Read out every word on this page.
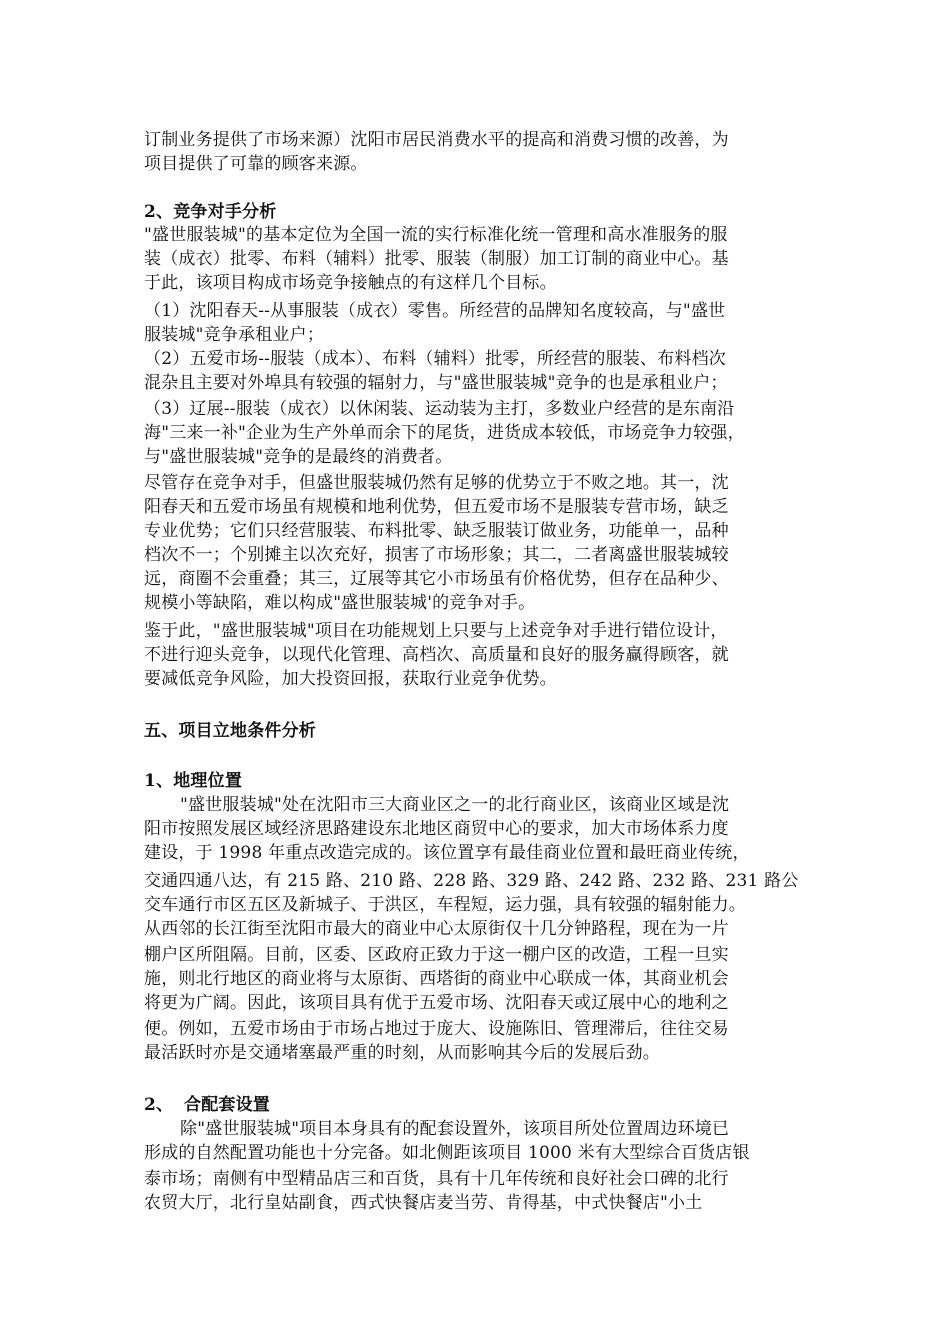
订制业务提供了市场来源）沈阳市居民消费水平的提高和消费习惯的改善，为
项目提供了可靠的顾客来源。
2、竞争对手分析
"盛世服装城"的基本定位为全国一流的实行标准化统一管理和高水准服务的服
装（成衣）批零、布料（辅料）批零、服装（制服）加工订制的商业中心。基
于此，该项目构成市场竞争接触点的有这样几个目标。
（1）沈阳春天--从事服装（成衣）零售。所经营的品牌知名度较高，与"盛世
服装城"竞争承租业户；
（2）五爱市场--服装（成本）、布料（辅料）批零，所经营的服装、布料档次
混杂且主要对外埠具有较强的辐射力，与"盛世服装城"竞争的也是承租业户；
（3）辽展--服装（成衣）以休闲装、运动装为主打，多数业户经营的是东南沿
海"三来一补"企业为生产外单而余下的尾货，进货成本较低，市场竞争力较强，
与"盛世服装城"竞争的是最终的消费者。
尽管存在竞争对手，但盛世服装城仍然有足够的优势立于不败之地。其一，沈
阳春天和五爱市场虽有规模和地利优势，但五爱市场不是服装专营市场，缺乏
专业优势；它们只经营服装、布料批零、缺乏服装订做业务，功能单一，品种
档次不一；个别摊主以次充好，损害了市场形象；其二，二者离盛世服装城较
远，商圈不会重叠；其三，辽展等其它小市场虽有价格优势，但存在品种少、
规模小等缺陷，难以构成"盛世服装城'的竞争对手。
鉴于此，"盛世服装城"项目在功能规划上只要与上述竞争对手进行错位设计，
不进行迎头竞争，以现代化管理、高档次、高质量和良好的服务赢得顾客，就
要减低竞争风险，加大投资回报，获取行业竞争优势。
五、项目立地条件分析
1、地理位置
"盛世服装城"处在沈阳市三大商业区之一的北行商业区，该商业区域是沈
阳市按照发展区域经济思路建设东北地区商贸中心的要求，加大市场体系力度
建设，于 1998 年重点改造完成的。该位置享有最佳商业位置和最旺商业传统，
交通四通八达，有 215 路、210 路、228 路、329 路、242 路、232 路、231 路公
交车通行市区五区及新城子、于洪区，车程短，运力强，具有较强的辐射能力。
从西邻的长江街至沈阳市最大的商业中心太原街仅十几分钟路程，现在为一片
棚户区所阻隔。目前，区委、区政府正致力于这一棚户区的改造，工程一旦实
施，则北行地区的商业将与太原街、西塔街的商业中心联成一体，其商业机会
将更为广阔。因此，该项目具有优于五爱市场、沈阳春天或辽展中心的地利之
便。例如，五爱市场由于市场占地过于庞大、设施陈旧、管理滞后，往往交易
最活跃时亦是交通堵塞最严重的时刻，从而影响其今后的发展后劲。
2、 合配套设置
除"盛世服装城"项目本身具有的配套设置外，该项目所处位置周边环境已
形成的自然配置功能也十分完备。如北侧距该项目 1000 米有大型综合百货店银
泰市场；南侧有中型精品店三和百货，具有十几年传统和良好社会口碑的北行
农贸大厅，北行皇姑副食，西式快餐店麦当劳、肯得基，中式快餐店"小土
